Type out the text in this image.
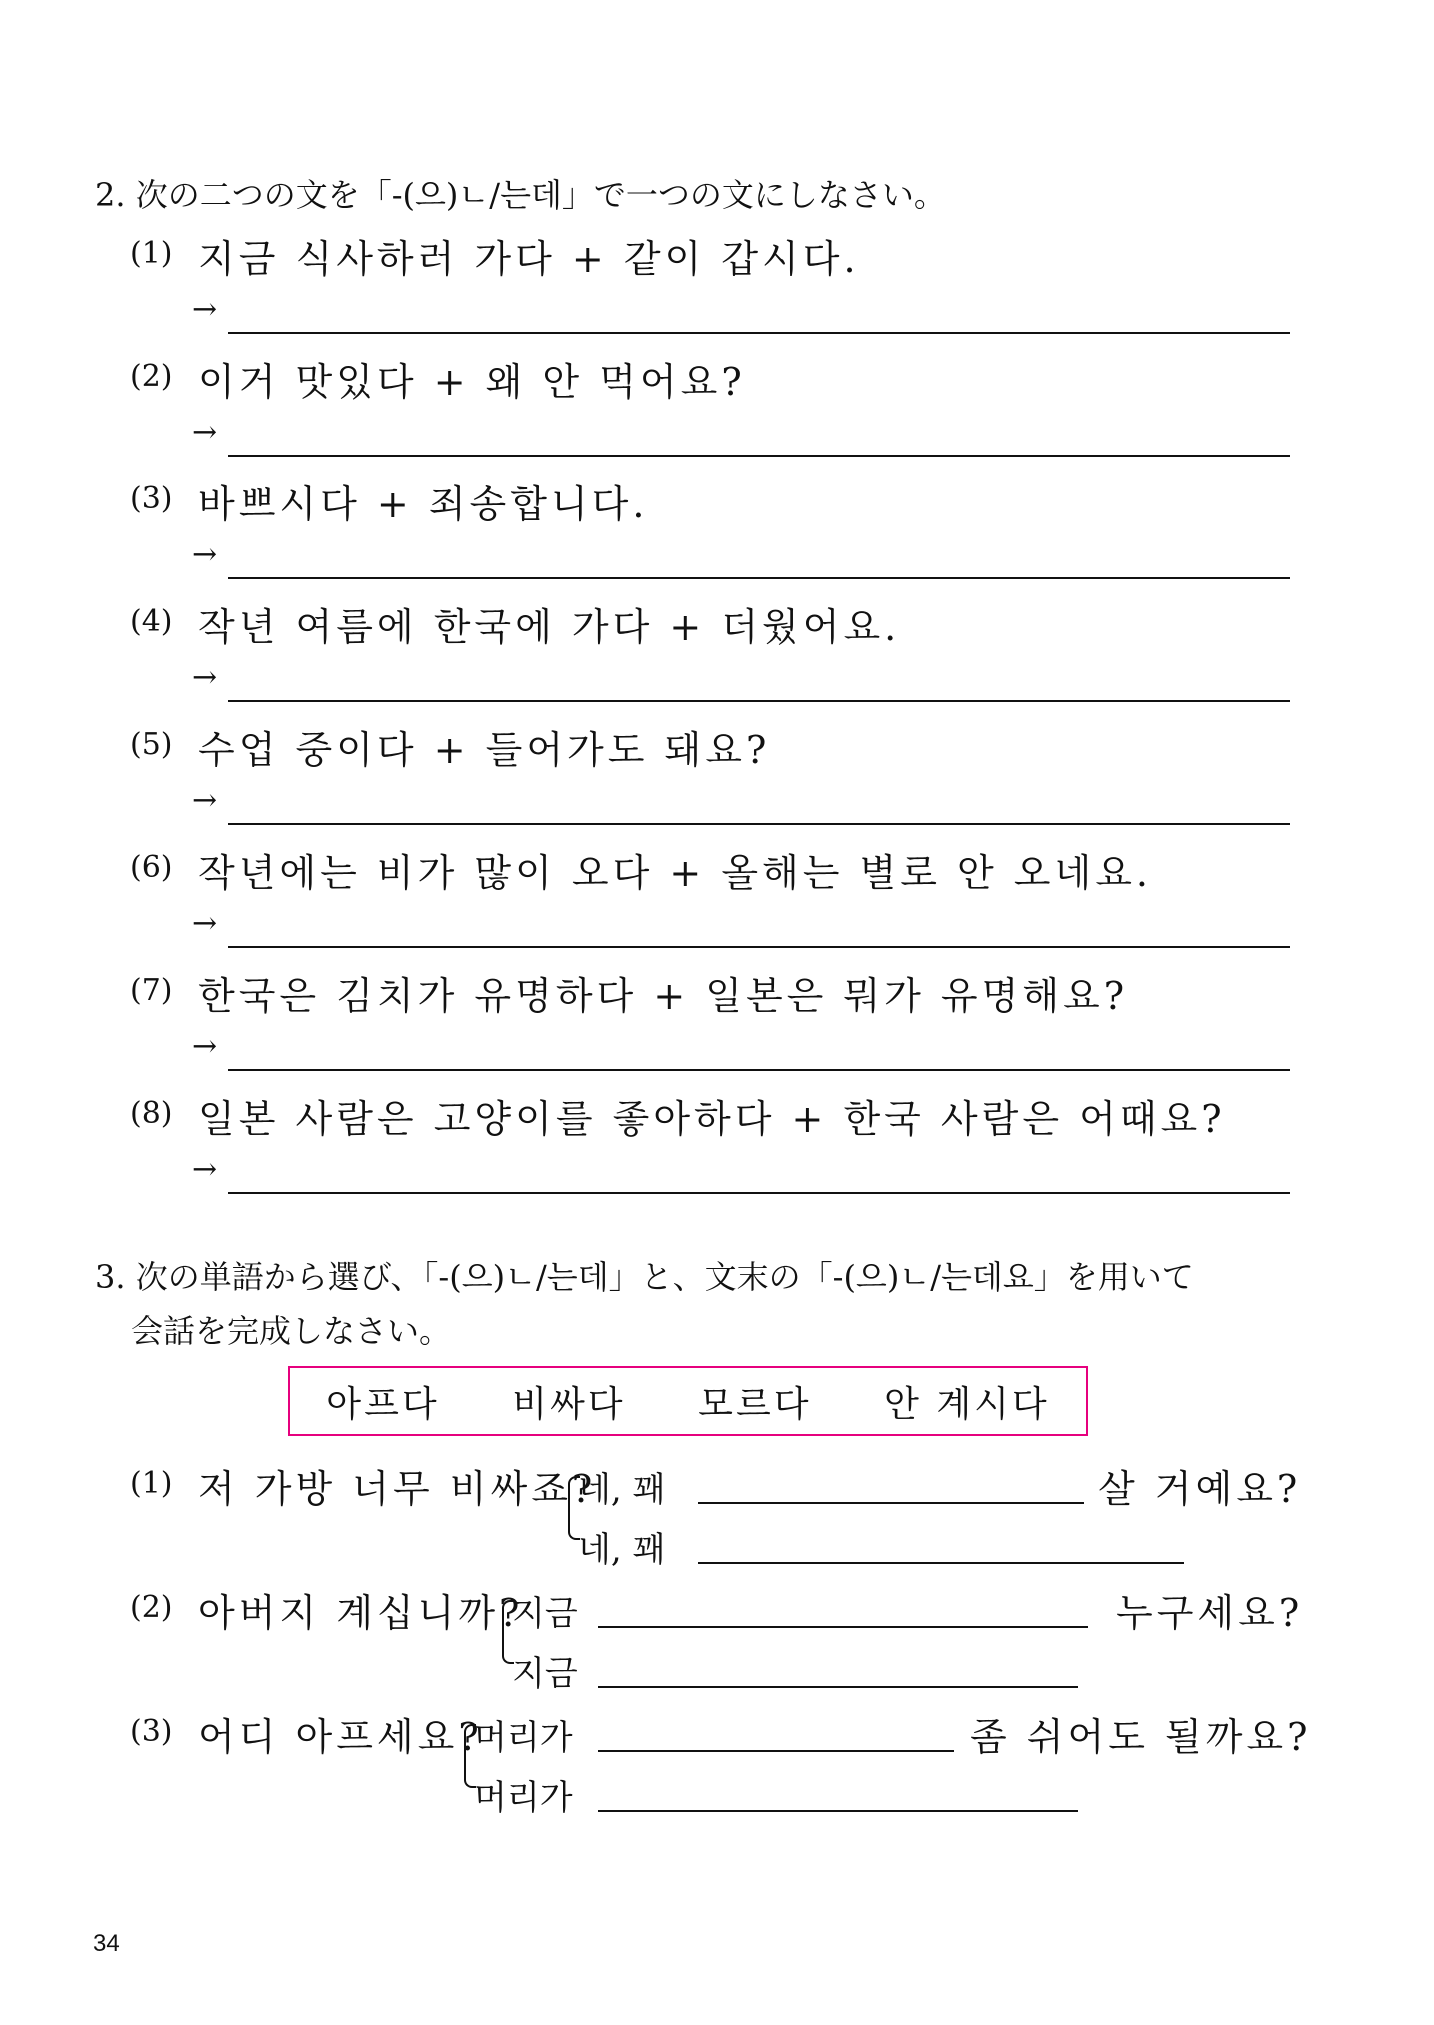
2. 次の二つの文を「-(으)ㄴ/는데」で一つの文にしなさい。
(1) 지금 식사하러 가다 + 같이 갑시다.
→
(2) 이거 맛있다 + 왜 안 먹어요?
→
(3) 바쁘시다 + 죄송합니다.
→
(4) 작년 여름에 한국에 가다 + 더웠어요.
→
(5) 수업 중이다 + 들어가도 돼요?
→
(6) 작년에는 비가 많이 오다 + 올해는 별로 안 오네요.
→
(7) 한국은 김치가 유명하다 + 일본은 뭐가 유명해요?
→
(8) 일본 사람은 고양이를 좋아하다 + 한국 사람은 어때요?
→
3. 次の単語から選び、「-(으)ㄴ/는데」と、文末の「-(으)ㄴ/는데요」を用いて
会話を完成しなさい。
아프다 비싸다 모르다 안 계시다
(1) 저 가방 너무 비싸죠?
네, 꽤	살 거예요?
네, 꽤
(2) 아버지 계십니까?
지금	누구세요?
지금
(3) 어디 아프세요?
머리가	좀 쉬어도 될까요?
머리가
34
